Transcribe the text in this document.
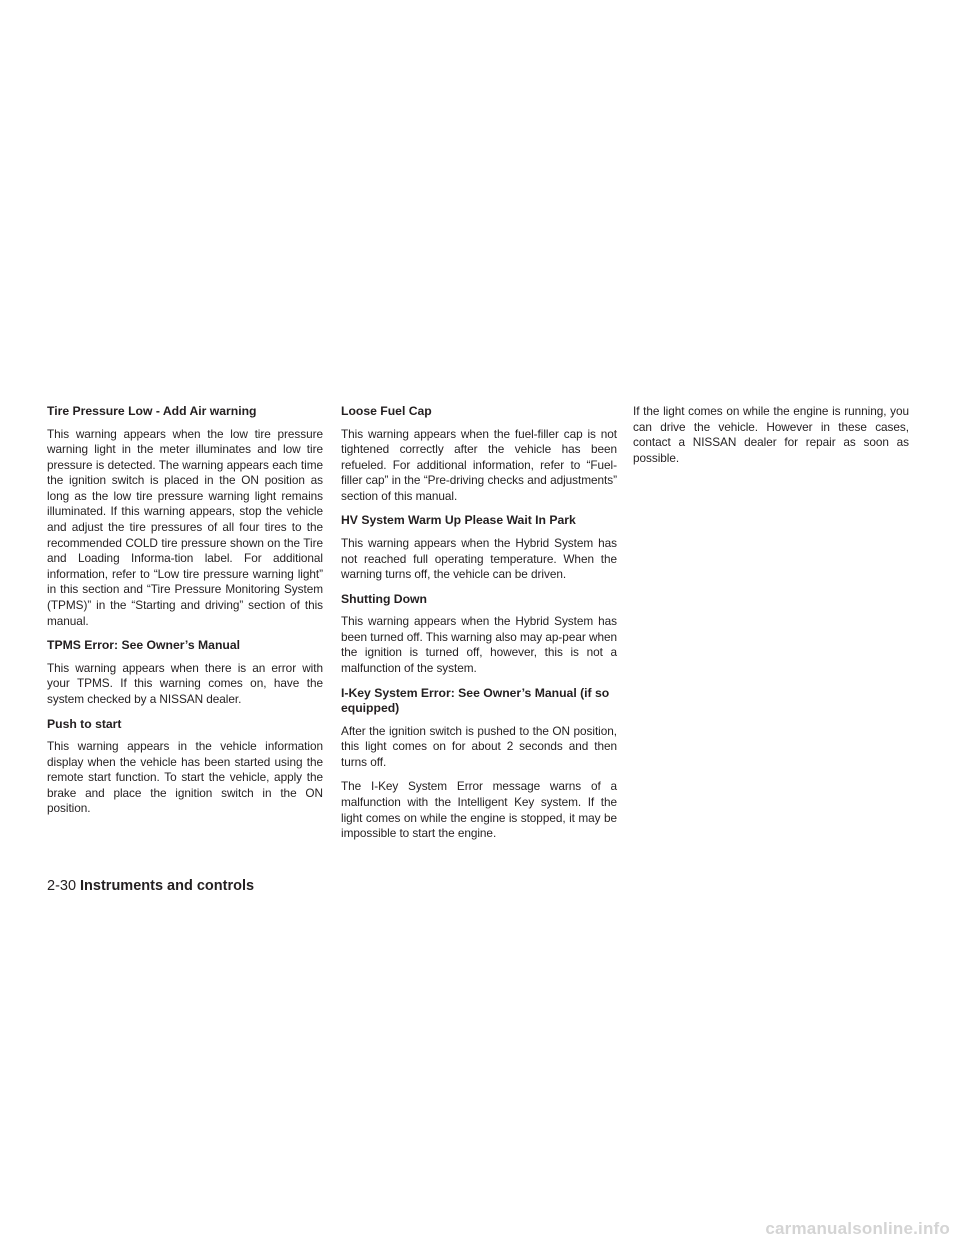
Tire Pressure Low - Add Air warning

This warning appears when the low tire pressure warning light in the meter illuminates and low tire pressure is detected. The warning appears each time the ignition switch is placed in the ON position as long as the low tire pressure warning light remains illuminated. If this warning appears, stop the vehicle and adjust the tire pressures of all four tires to the recommended COLD tire pressure shown on the Tire and Loading Informa-tion label. For additional information, refer to “Low tire pressure warning light” in this section and “Tire Pressure Monitoring System (TPMS)” in the “Starting and driving” section of this manual.

TPMS Error: See Owner’s Manual

This warning appears when there is an error with your TPMS. If this warning comes on, have the system checked by a NISSAN dealer.

Push to start

This warning appears in the vehicle information display when the vehicle has been started using the remote start function. To start the vehicle, apply the brake and place the ignition switch in the ON position.

Loose Fuel Cap

This warning appears when the fuel-filler cap is not tightened correctly after the vehicle has been refueled. For additional information, refer to “Fuel-filler cap” in the “Pre-driving checks and adjustments” section of this manual.

HV System Warm Up Please Wait In Park

This warning appears when the Hybrid System has not reached full operating temperature. When the warning turns off, the vehicle can be driven.

Shutting Down

This warning appears when the Hybrid System has been turned off. This warning also may ap-pear when the ignition is turned off, however, this is not a malfunction of the system.

I-Key System Error: See Owner’s Manual (if so equipped)

After the ignition switch is pushed to the ON position, this light comes on for about 2 seconds and then turns off.

The I-Key System Error message warns of a malfunction with the Intelligent Key system. If the light comes on while the engine is stopped, it may be impossible to start the engine.

If the light comes on while the engine is running, you can drive the vehicle. However in these cases, contact a NISSAN dealer for repair as soon as possible.

2-30 Instruments and controls
carmanualsonline.info
